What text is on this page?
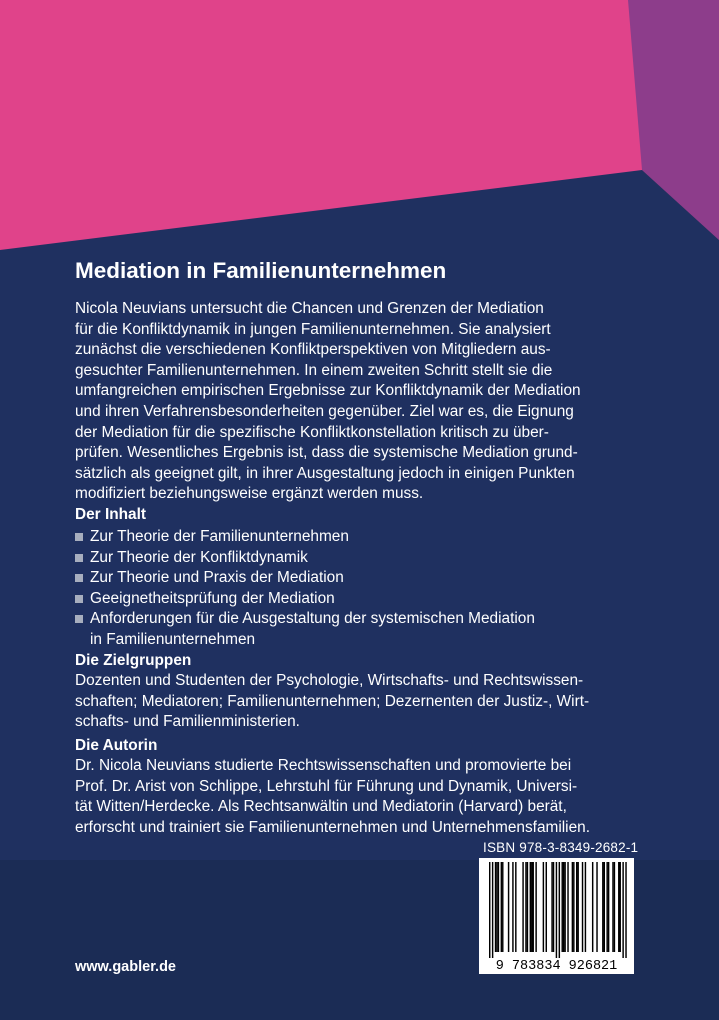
Mediation in Familienunternehmen
Nicola Neuvians untersucht die Chancen und Grenzen der Mediation
für die Konfliktdynamik in jungen Familienunternehmen. Sie analysiert
zunächst die verschiedenen Konfliktperspektiven von Mitgliedern aus-
gesuchter Familienunternehmen. In einem zweiten Schritt stellt sie die
umfangreichen empirischen Ergebnisse zur Konfliktdynamik der Mediation
und ihren Verfahrensbesonderheiten gegenüber. Ziel war es, die Eignung
der Mediation für die spezifische Konfliktkonstellation kritisch zu über-
prüfen. Wesentliches Ergebnis ist, dass die systemische Mediation grund-
sätzlich als geeignet gilt, in ihrer Ausgestaltung jedoch in einigen Punkten
modifiziert beziehungsweise ergänzt werden muss.
Der Inhalt
Zur Theorie der Familienunternehmen
Zur Theorie der Konfliktdynamik
Zur Theorie und Praxis der Mediation
Geeignetheitsprüfung der Mediation
Anforderungen für die Ausgestaltung der systemischen Mediation
in Familienunternehmen
Die Zielgruppen
Dozenten und Studenten der Psychologie, Wirtschafts- und Rechtswissen-
schaften; Mediatoren; Familienunternehmen; Dezernenten der Justiz-, Wirt-
schafts- und Familienministerien.
Die Autorin
Dr. Nicola Neuvians studierte Rechtswissenschaften und promovierte bei
Prof. Dr. Arist von Schlippe, Lehrstuhl für Führung und Dynamik, Universi-
tät Witten/Herdecke. Als Rechtsanwältin und Mediatorin (Harvard) berät,
erforscht und trainiert sie Familienunternehmen und Unternehmensfamilien.
ISBN 978-3-8349-2682-1
9 783834 926821
www.gabler.de
